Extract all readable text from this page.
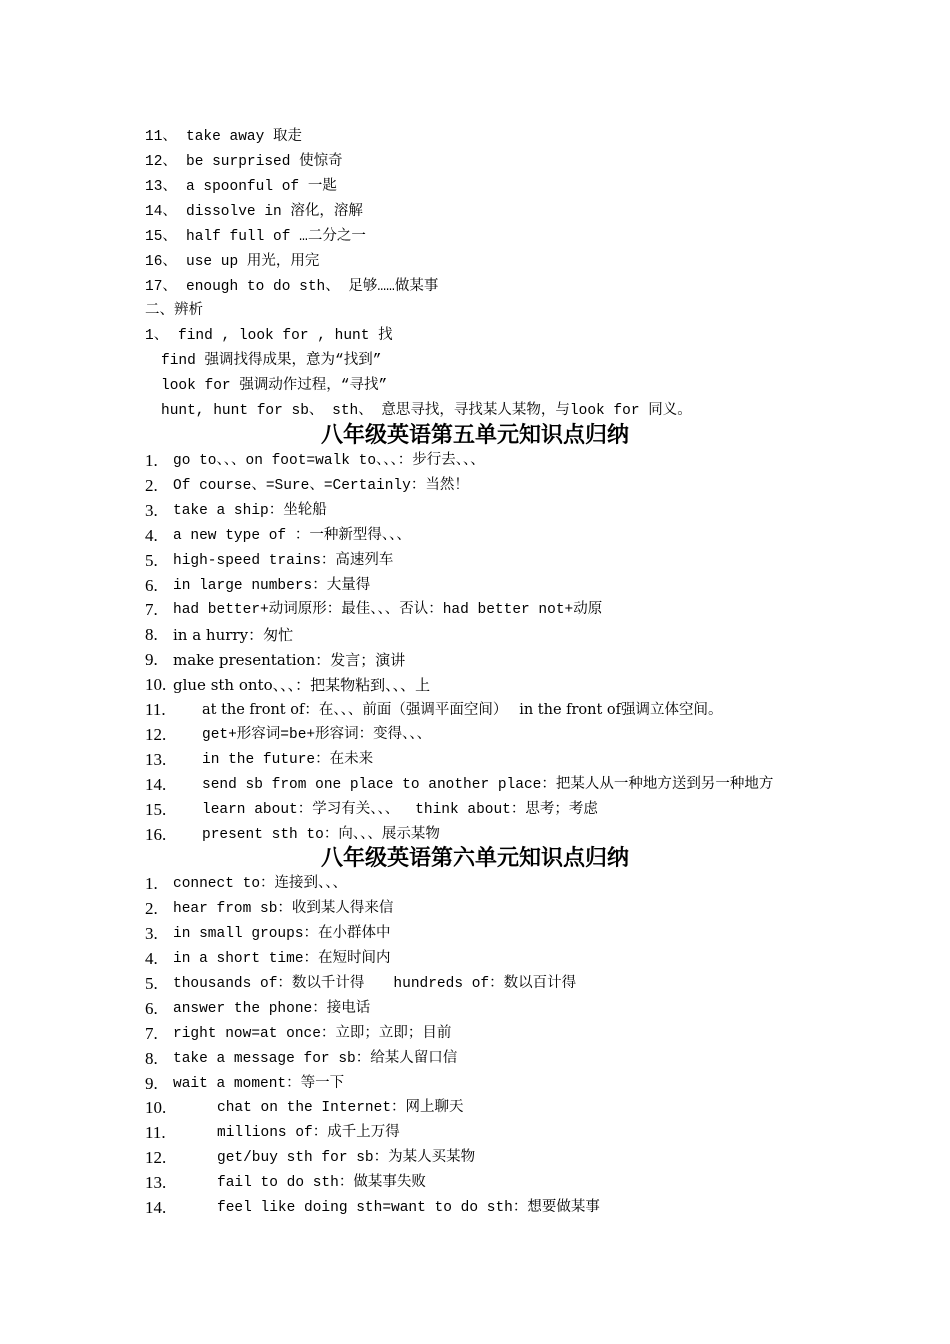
11、 take away 取走
12、 be surprised 使惊奇
13、 a spoonful of 一匙
14、 dissolve in 溶化，溶解
15、 half full of …二分之一
16、 use up 用光，用完
17、 enough to do sth、 足够……做某事
二、辨析
1、 find , look for , hunt 找
find 强调找得成果，意为“找到”
look for 强调动作过程，“寻找”
hunt, hunt for sb、 sth、 意思寻找，寻找某人某物，与look for 同义。
八年级英语第五单元知识点归纳
1. go to、、、on foot=walk to、、、：步行去、、、
2. Of course、=Sure、=Certainly：当然！
3. take a ship：坐轮船
4. a new type of ：一种新型得、、、
5. high-speed trains：高速列车
6. in large numbers：大量得
7. had better+动词原形：最佳、、、否认：had better not+动原
8. in a hurry：匆忙
9. make presentation：发言；演讲
10. glue sth onto、、、：把某物粘到、、、上
11.	at the front of：在、、、前面（强调平面空间）　 in the front of强调立体空间。
12. get+形容词=be+形容词：变得、、、
13. in the future：在未来
14. send sb from one place to another place：把某人从一种地方送到另一种地方
15. learn about：学习有关、、、　 think about：思考；考虑
16. present sth to：向、、、展示某物
八年级英语第六单元知识点归纳
1. connect to：连接到、、、
2. hear from sb：收到某人得来信
3. in small groups：在小群体中
4. in a short time：在短时间内
5. thousands of：数以千计得　　hundreds of：数以百计得
6. answer the phone：接电话
7. right now=at once：立即；立即；目前
8. take a message for sb：给某人留口信
9. wait a moment：等一下
10.	chat on the Internet：网上聊天
11.	millions of：成千上万得
12.	get/buy sth for sb：为某人买某物
13.	fail to do sth：做某事失败
14.	feel like doing sth=want to do sth：想要做某事
